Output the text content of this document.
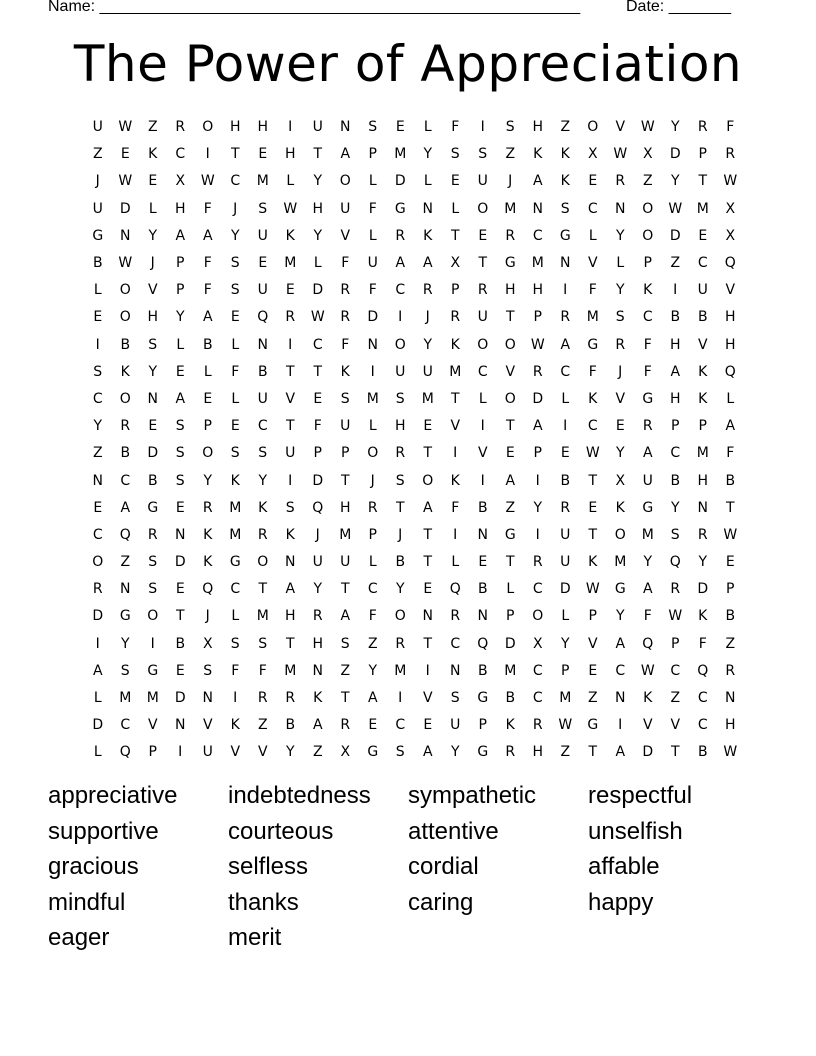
Name: ______________________________________________________	Date: _______
The Power of Appreciation
U	W	Z	R	O	H	H	I	U	N	S	E	L	F	I	S	H	Z	O	V	W	Y	R	F
Z	E	K	C	I	T	E	H	T	A	P	M	Y	S	S	Z	K	K	X	W	X	D	P	R
J	W	E	X	W	C	M	L	Y	O	L	D	L	E	U	J	A	K	E	R	Z	Y	T	W
U	D	L	H	F	J	S	W	H	U	F	G	N	L	O	M	N	S	C	N	O	W	M	X
G	N	Y	A	A	Y	U	K	Y	V	L	R	K	T	E	R	C	G	L	Y	O	D	E	X
B	W	J	P	F	S	E	M	L	F	U	A	A	X	T	G	M	N	V	L	P	Z	C	Q
L	O	V	P	F	S	U	E	D	R	F	C	R	P	R	H	H	I	F	Y	K	I	U	V
E	O	H	Y	A	E	Q	R	W	R	D	I	J	R	U	T	P	R	M	S	C	B	B	H
I	B	S	L	B	L	N	I	C	F	N	O	Y	K	O	O	W	A	G	R	F	H	V	H
S	K	Y	E	L	F	B	T	T	K	I	U	U	M	C	V	R	C	F	J	F	A	K	Q
C	O	N	A	E	L	U	V	E	S	M	S	M	T	L	O	D	L	K	V	G	H	K	L
Y	R	E	S	P	E	C	T	F	U	L	H	E	V	I	T	A	I	C	E	R	P	P	A
Z	B	D	S	O	S	S	U	P	P	O	R	T	I	V	E	P	E	W	Y	A	C	M	F
N	C	B	S	Y	K	Y	I	D	T	J	S	O	K	I	A	I	B	T	X	U	B	H	B
E	A	G	E	R	M	K	S	Q	H	R	T	A	F	B	Z	Y	R	E	K	G	Y	N	T
C	Q	R	N	K	M	R	K	J	M	P	J	T	I	N	G	I	U	T	O	M	S	R	W
O	Z	S	D	K	G	O	N	U	U	L	B	T	L	E	T	R	U	K	M	Y	Q	Y	E
R	N	S	E	Q	C	T	A	Y	T	C	Y	E	Q	B	L	C	D	W	G	A	R	D	P
D	G	O	T	J	L	M	H	R	A	F	O	N	R	N	P	O	L	P	Y	F	W	K	B
I	Y	I	B	X	S	S	T	H	S	Z	R	T	C	Q	D	X	Y	V	A	Q	P	F	Z
A	S	G	E	S	F	F	M	N	Z	Y	M	I	N	B	M	C	P	E	C	W	C	Q	R
L	M	M	D	N	I	R	R	K	T	A	I	V	S	G	B	C	M	Z	N	K	Z	C	N
D	C	V	N	V	K	Z	B	A	R	E	C	E	U	P	K	R	W	G	I	V	V	C	H
L	Q	P	I	U	V	V	Y	Z	X	G	S	A	Y	G	R	H	Z	T	A	D	T	B	W
appreciative	indebtedness	sympathetic	respectful
supportive	courteous	attentive	unselfish
gracious	selfless	cordial	affable
mindful	thanks	caring	happy
eager	merit
